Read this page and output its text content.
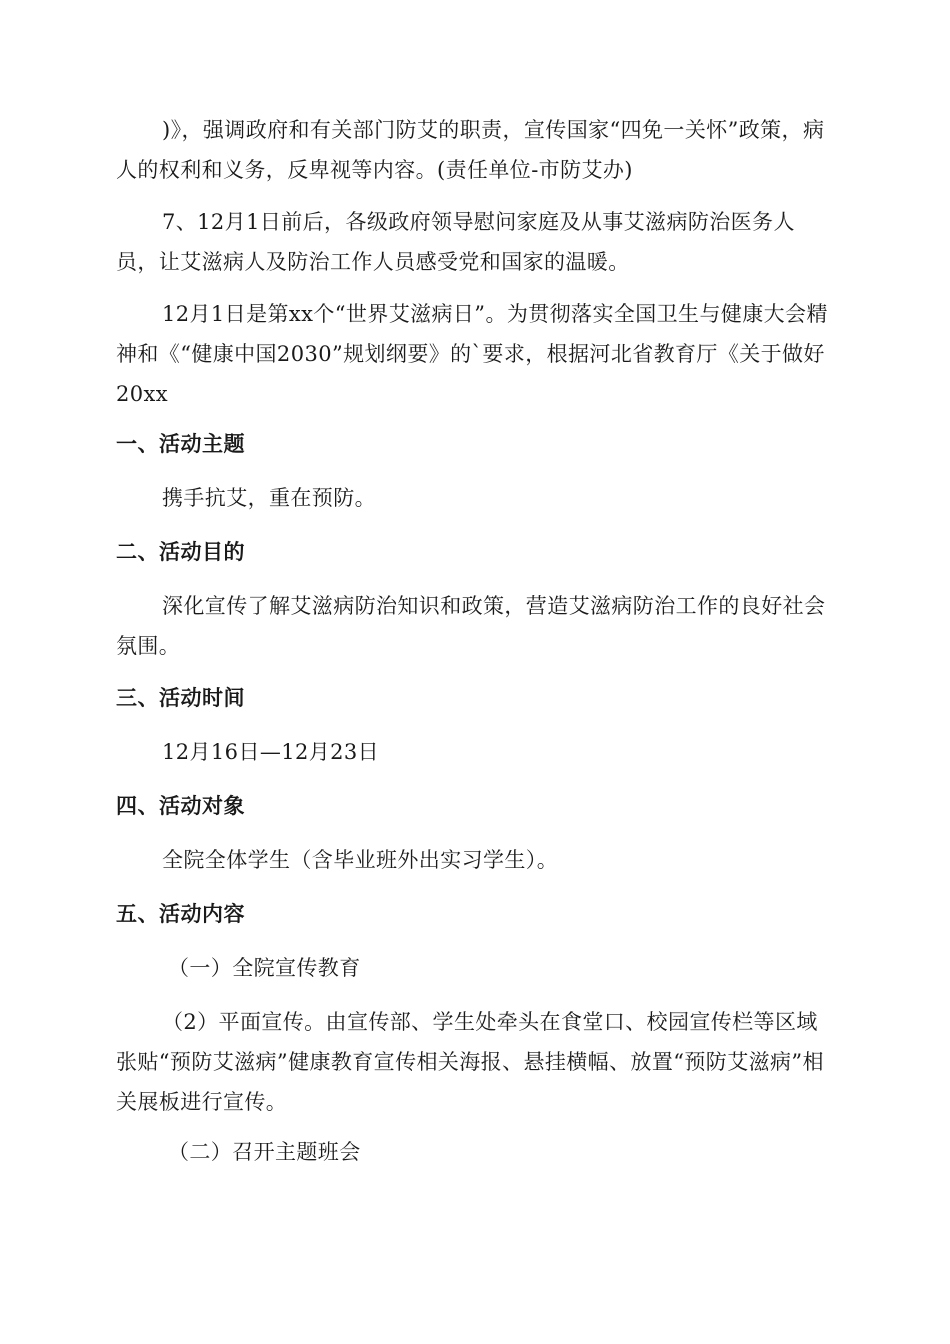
)》，强调政府和有关部门防艾的职责，宣传国家“四免一关怀”政策，病人的权利和义务，反卑视等内容。(责任单位-市防艾办)

7、12月1日前后，各级政府领导慰问家庭及从事艾滋病防治医务人员，让艾滋病人及防治工作人员感受党和国家的温暖。

12月1日是第xx个“世界艾滋病日”。为贯彻落实全国卫生与健康大会精神和《“健康中国2030”规划纲要》的`要求，根据河北省教育厅《关于做好20xx

一、活动主题

携手抗艾，重在预防。

二、活动目的

深化宣传了解艾滋病防治知识和政策，营造艾滋病防治工作的良好社会氛围。

三、活动时间

12月16日—12月23日

四、活动对象

全院全体学生（含毕业班外出实习学生）。

五、活动内容

（一）全院宣传教育

（2）平面宣传。由宣传部、学生处牵头在食堂口、校园宣传栏等区域张贴“预防艾滋病”健康教育宣传相关海报、悬挂横幅、放置“预防艾滋病”相关展板进行宣传。

（二）召开主题班会
